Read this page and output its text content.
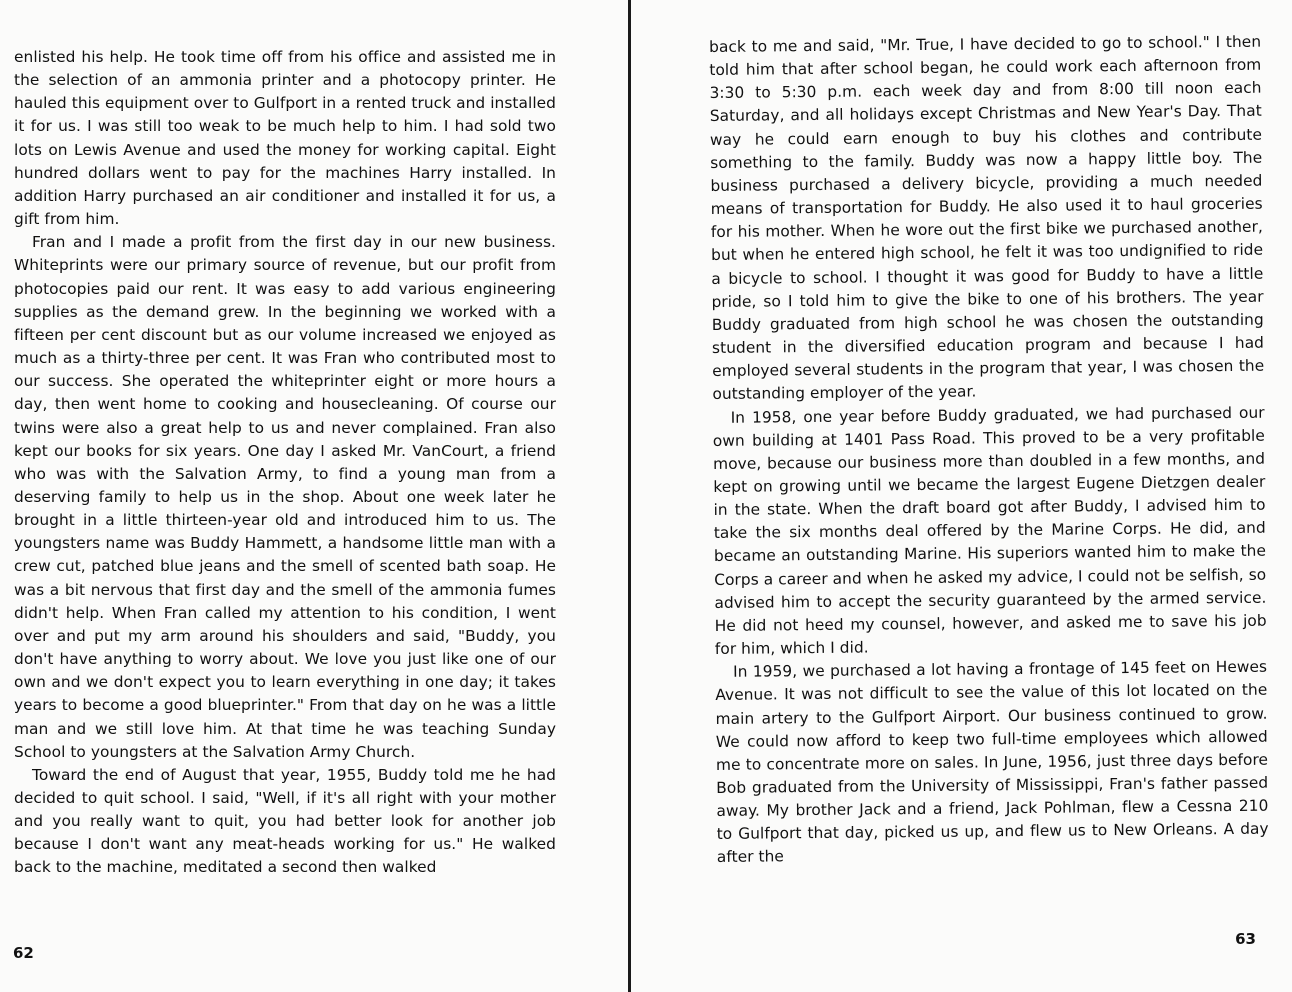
enlisted his help. He took time off from his office and assisted me in the selection of an ammonia printer and a photocopy printer. He hauled this equipment over to Gulfport in a rented truck and installed it for us. I was still too weak to be much help to him. I had sold two lots on Lewis Avenue and used the money for working capital. Eight hundred dollars went to pay for the machines Harry installed. In addition Harry purchased an air conditioner and installed it for us, a gift from him.

Fran and I made a profit from the first day in our new business. Whiteprints were our primary source of revenue, but our profit from photocopies paid our rent. It was easy to add various engineering supplies as the demand grew. In the beginning we worked with a fifteen per cent discount but as our volume increased we enjoyed as much as a thirty-three per cent. It was Fran who contributed most to our success. She operated the whiteprinter eight or more hours a day, then went home to cooking and housecleaning. Of course our twins were also a great help to us and never complained. Fran also kept our books for six years. One day I asked Mr. VanCourt, a friend who was with the Salvation Army, to find a young man from a deserving family to help us in the shop. About one week later he brought in a little thirteen-year old and introduced him to us. The youngsters name was Buddy Hammett, a handsome little man with a crew cut, patched blue jeans and the smell of scented bath soap. He was a bit nervous that first day and the smell of the ammonia fumes didn't help. When Fran called my attention to his condition, I went over and put my arm around his shoulders and said, "Buddy, you don't have anything to worry about. We love you just like one of our own and we don't expect you to learn everything in one day; it takes years to become a good blueprinter." From that day on he was a little man and we still love him. At that time he was teaching Sunday School to youngsters at the Salvation Army Church.

Toward the end of August that year, 1955, Buddy told me he had decided to quit school. I said, "Well, if it's all right with your mother and you really want to quit, you had better look for another job because I don't want any meat-heads working for us." He walked back to the machine, meditated a second then walked

62

back to me and said, "Mr. True, I have decided to go to school." I then told him that after school began, he could work each afternoon from 3:30 to 5:30 p.m. each week day and from 8:00 till noon each Saturday, and all holidays except Christmas and New Year's Day. That way he could earn enough to buy his clothes and contribute something to the family. Buddy was now a happy little boy. The business purchased a delivery bicycle, providing a much needed means of transportation for Buddy. He also used it to haul groceries for his mother. When he wore out the first bike we purchased another, but when he entered high school, he felt it was too undignified to ride a bicycle to school. I thought it was good for Buddy to have a little pride, so I told him to give the bike to one of his brothers. The year Buddy graduated from high school he was chosen the outstanding student in the diversified education program and because I had employed several students in the program that year, I was chosen the outstanding employer of the year.

In 1958, one year before Buddy graduated, we had purchased our own building at 1401 Pass Road. This proved to be a very profitable move, because our business more than doubled in a few months, and kept on growing until we became the largest Eugene Dietzgen dealer in the state. When the draft board got after Buddy, I advised him to take the six months deal offered by the Marine Corps. He did, and became an outstanding Marine. His superiors wanted him to make the Corps a career and when he asked my advice, I could not be selfish, so advised him to accept the security guaranteed by the armed service. He did not heed my counsel, however, and asked me to save his job for him, which I did.

In 1959, we purchased a lot having a frontage of 145 feet on Hewes Avenue. It was not difficult to see the value of this lot located on the main artery to the Gulfport Airport. Our business continued to grow. We could now afford to keep two full-time employees which allowed me to concentrate more on sales. In June, 1956, just three days before Bob graduated from the University of Mississippi, Fran's father passed away. My brother Jack and a friend, Jack Pohlman, flew a Cessna 210 to Gulfport that day, picked us up, and flew us to New Orleans. A day after the

63
